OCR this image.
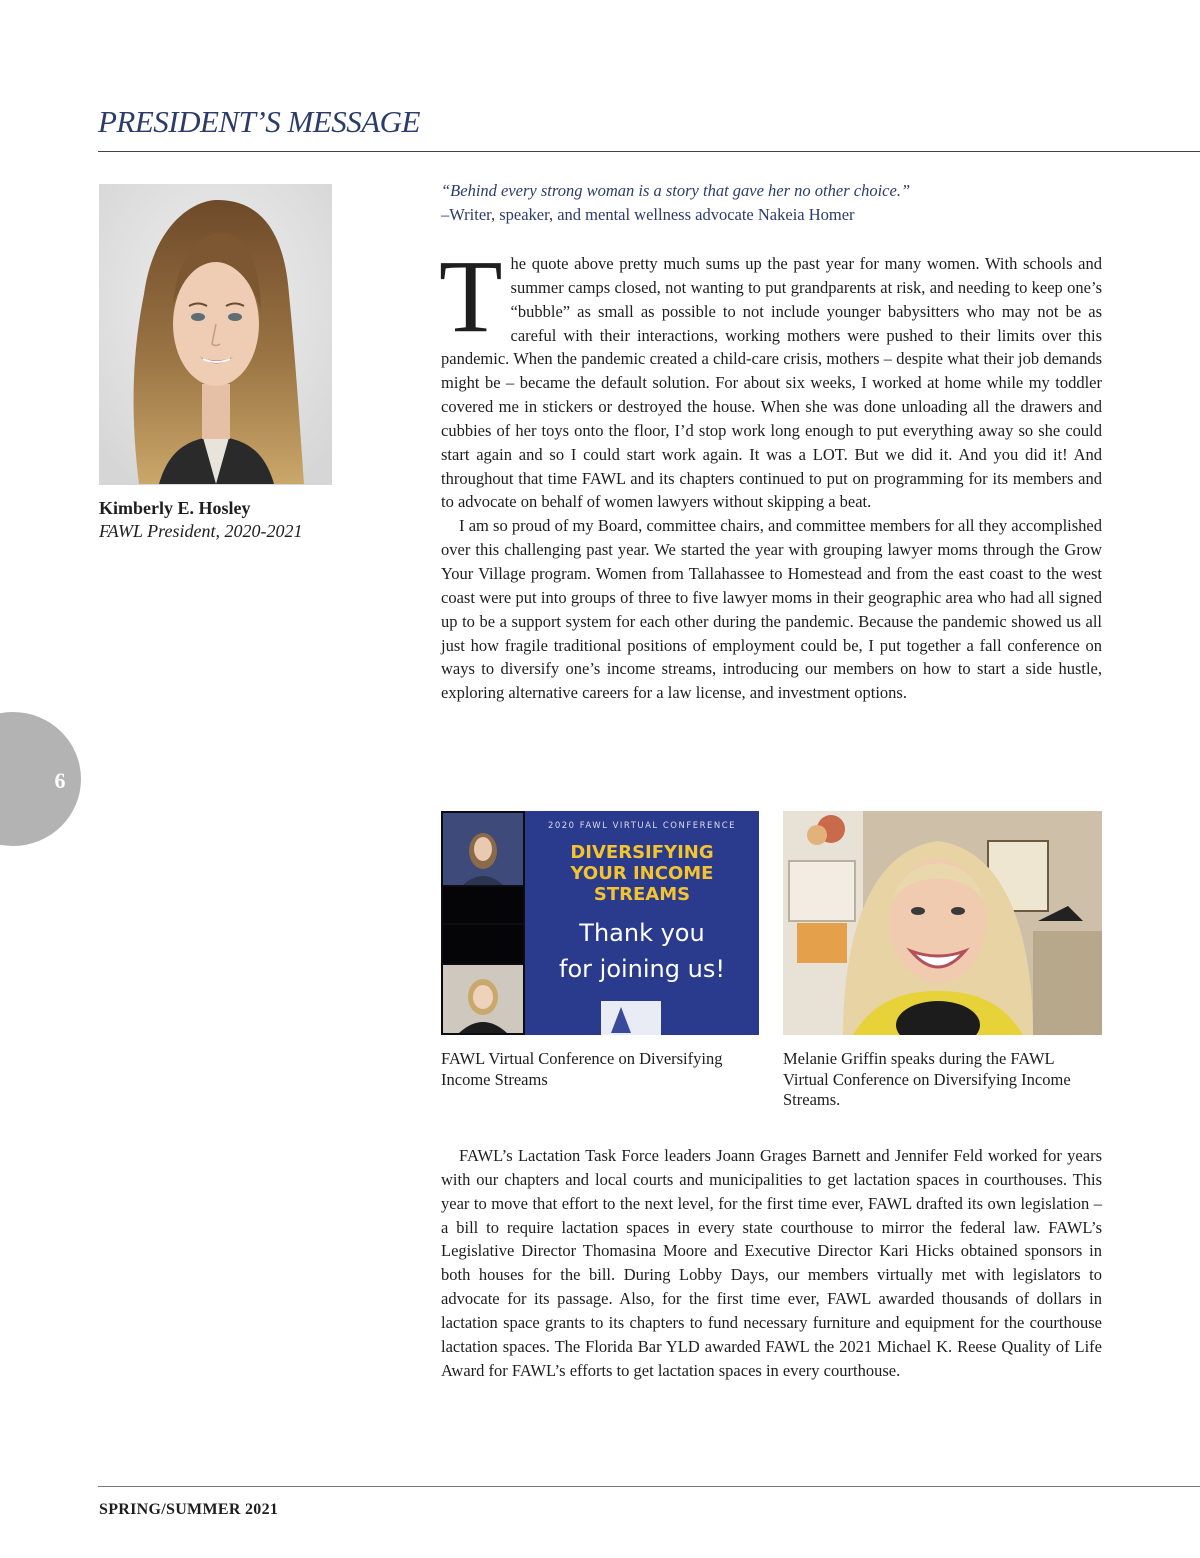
PRESIDENT’S MESSAGE
Kimberly E. Hosley
FAWL President, 2020-2021
6
“Behind every strong woman is a story that gave her no other choice.”
–Writer, speaker, and mental wellness advocate Nakeia Homer

The quote above pretty much sums up the past year for many women. With schools and summer camps closed, not wanting to put grandparents at risk, and needing to keep one’s “bubble” as small as possible to not include younger babysitters who may not be as careful with their interactions, working mothers were pushed to their limits over this pandemic. When the pandemic created a child-care crisis, mothers – despite what their job demands might be – became the default solution. For about six weeks, I worked at home while my toddler covered me in stickers or destroyed the house. When she was done unloading all the drawers and cubbies of her toys onto the floor, I’d stop work long enough to put everything away so she could start again and so I could start work again. It was a LOT. But we did it. And you did it! And throughout that time FAWL and its chapters continued to put on programming for its members and to advocate on behalf of women lawyers without skipping a beat.

I am so proud of my Board, committee chairs, and committee members for all they accomplished over this challenging past year. We started the year with grouping lawyer moms through the Grow Your Village program. Women from Tallahassee to Homestead and from the east coast to the west coast were put into groups of three to five lawyer moms in their geographic area who had all signed up to be a support system for each other during the pandemic. Because the pandemic showed us all just how fragile traditional positions of employment could be, I put together a fall conference on ways to diversify one’s income streams, introducing our members on how to start a side hustle, exploring alternative careers for a law license, and investment options.

2020 FAWL VIRTUAL CONFERENCE
DIVERSIFYING
YOUR INCOME
STREAMS
Thank you
for joining us!
FAWL Virtual Conference on Diversifying Income Streams
Melanie Griffin speaks during the FAWL Virtual Conference on Diversifying Income Streams.

FAWL’s Lactation Task Force leaders Joann Grages Barnett and Jennifer Feld worked for years with our chapters and local courts and municipalities to get lactation spaces in courthouses. This year to move that effort to the next level, for the first time ever, FAWL drafted its own legislation – a bill to require lactation spaces in every state courthouse to mirror the federal law. FAWL’s Legislative Director Thomasina Moore and Executive Director Kari Hicks obtained sponsors in both houses for the bill. During Lobby Days, our members virtually met with legislators to advocate for its passage. Also, for the first time ever, FAWL awarded thousands of dollars in lactation space grants to its chapters to fund necessary furniture and equipment for the courthouse lactation spaces. The Florida Bar YLD awarded FAWL the 2021 Michael K. Reese Quality of Life Award for FAWL’s efforts to get lactation spaces in every courthouse.

SPRING/SUMMER 2021
